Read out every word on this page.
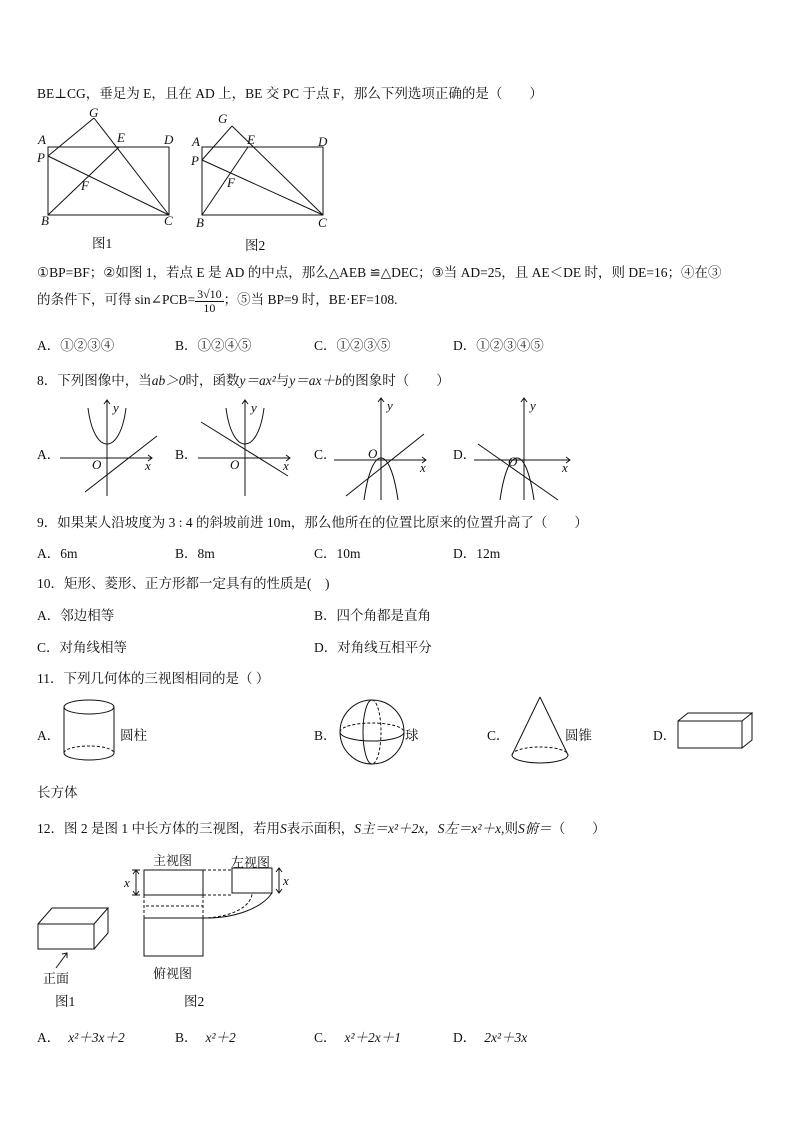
BE⊥CG，垂足为 E，且在 AD 上，BE 交 PC 于点 F，那么下列选项正确的是（　　）
A
G
E	D
P
F
B	C
图1
A
G
E	D
P
F
B	C
图2
①BP=BF；②如图 1，若点 E 是 AD 的中点，那么△AEB ≌△DEC；③当 AD=25，且 AE＜DE 时，则 DE=16；④在③
的条件下，可得 sin∠PCB= $\frac{3√10}{10}$ ；⑤当 BP=9 时，BE·EF=108.
A．①②③④	B．①②④⑤	C．①②③⑤	D．①②③④⑤
8．下列图像中，当ab＞0时，函数y＝ax²与y＝ax＋b的图象时（　　）
A．
y
x
O
B．
y
x
O
C．
y
x
O	D．
y
x
O
9．如果某人沿坡度为 3 : 4 的斜坡前进 10m，那么他所在的位置比原来的位置升高了（　　）
A．6m	B．8m	C．10m	D．12m
10．矩形、菱形、正方形都一定具有的性质是(　)
A．邻边相等	B．四个角都是直角
C．对角线相等	D．对角线互相平分
11．下列几何体的三视图相同的是（ ）
A．	圆柱	B．	球	C．	圆锥	D．
长方体
12．图 2 是图 1 中长方体的三视图，若用S表示面积，S主＝x²＋2x，S左＝x²＋x,则S俯＝（　　）
正面
图1
主视图	左视图
x	x
俯视图
图2
A． x²＋3x＋2	B． x²＋2	C． x²＋2x＋1	D． 2x²＋3x
